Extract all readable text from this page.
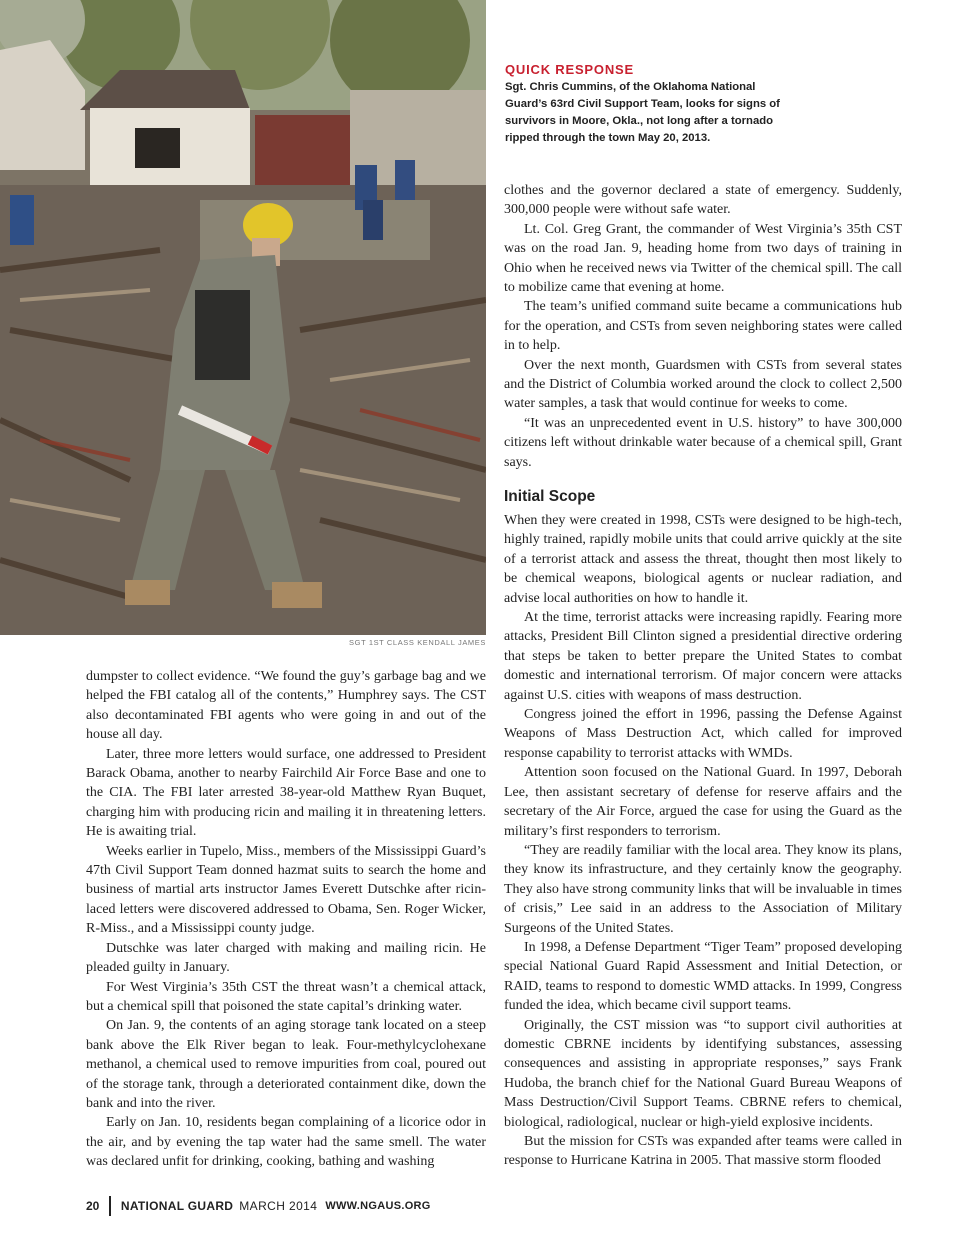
SGT 1ST CLASS KENDALL JAMES
QUICK RESPONSE
Sgt. Chris Cummins, of the Oklahoma National Guard’s 63rd Civil Support Team, looks for signs of survivors in Moore, Okla., not long after a tornado ripped through the town May 20, 2013.

clothes and the governor declared a state of emergency. Suddenly, 300,000 people were without safe water.

Lt. Col. Greg Grant, the commander of West Virginia’s 35th CST was on the road Jan. 9, heading home from two days of training in Ohio when he received news via Twitter of the chemical spill. The call to mobilize came that evening at home.

The team’s unified command suite became a communications hub for the operation, and CSTs from seven neighboring states were called in to help.

Over the next month, Guardsmen with CSTs from several states and the District of Columbia worked around the clock to collect 2,500 water samples, a task that would continue for weeks to come.

“It was an unprecedented event in U.S. history” to have 300,000 citizens left without drinkable water because of a chemical spill, Grant says.

Initial Scope

When they were created in 1998, CSTs were designed to be high-tech, highly trained, rapidly mobile units that could arrive quickly at the site of a terrorist attack and assess the threat, thought then most likely to be chemical weapons, biological agents or nuclear radiation, and advise local authorities on how to handle it.

At the time, terrorist attacks were increasing rapidly. Fearing more attacks, President Bill Clinton signed a presidential directive ordering that steps be taken to better prepare the United States to combat domestic and international terrorism. Of major concern were attacks against U.S. cities with weapons of mass destruction.

Congress joined the effort in 1996, passing the Defense Against Weapons of Mass Destruction Act, which called for improved response capability to terrorist attacks with WMDs.

Attention soon focused on the National Guard. In 1997, Deborah Lee, then assistant secretary of defense for reserve affairs and the secretary of the Air Force, argued the case for using the Guard as the military’s first responders to terrorism.

“They are readily familiar with the local area. They know its plans, they know its infrastructure, and they certainly know the geography. They also have strong community links that will be invaluable in times of crisis,” Lee said in an address to the Association of Military Surgeons of the United States.

In 1998, a Defense Department “Tiger Team” proposed developing special National Guard Rapid Assessment and Initial Detection, or RAID, teams to respond to domestic WMD attacks. In 1999, Congress funded the idea, which became civil support teams.

Originally, the CST mission was “to support civil authorities at domestic CBRNE incidents by identifying substances, assessing consequences and assisting in appropriate responses,” says Frank Hudoba, the branch chief for the National Guard Bureau Weapons of Mass Destruction/Civil Support Teams. CBRNE refers to chemical, biological, radiological, nuclear or high-yield explosive incidents.

But the mission for CSTs was expanded after teams were called in response to Hurricane Katrina in 2005. That massive storm flooded

dumpster to collect evidence. “We found the guy’s garbage bag and we helped the FBI catalog all of the contents,” Humphrey says. The CST also decontaminated FBI agents who were going in and out of the house all day.

Later, three more letters would surface, one addressed to President Barack Obama, another to nearby Fairchild Air Force Base and one to the CIA. The FBI later arrested 38-year-old Matthew Ryan Buquet, charging him with producing ricin and mailing it in threatening letters. He is awaiting trial.

Weeks earlier in Tupelo, Miss., members of the Mississippi Guard’s 47th Civil Support Team donned hazmat suits to search the home and business of martial arts instructor James Everett Dutschke after ricin-laced letters were discovered addressed to Obama, Sen. Roger Wicker, R-Miss., and a Mississippi county judge.

Dutschke was later charged with making and mailing ricin. He pleaded guilty in January.

For West Virginia’s 35th CST the threat wasn’t a chemical attack, but a chemical spill that poisoned the state capital’s drinking water.

On Jan. 9, the contents of an aging storage tank located on a steep bank above the Elk River began to leak. Four-methylcyclohexane methanol, a chemical used to remove impurities from coal, poured out of the storage tank, through a deteriorated containment dike, down the bank and into the river.

Early on Jan. 10, residents began complaining of a licorice odor in the air, and by evening the tap water had the same smell. The water was declared unfit for drinking, cooking, bathing and washing

20 NATIONAL GUARD MARCH 2014 WWW.NGAUS.ORG
